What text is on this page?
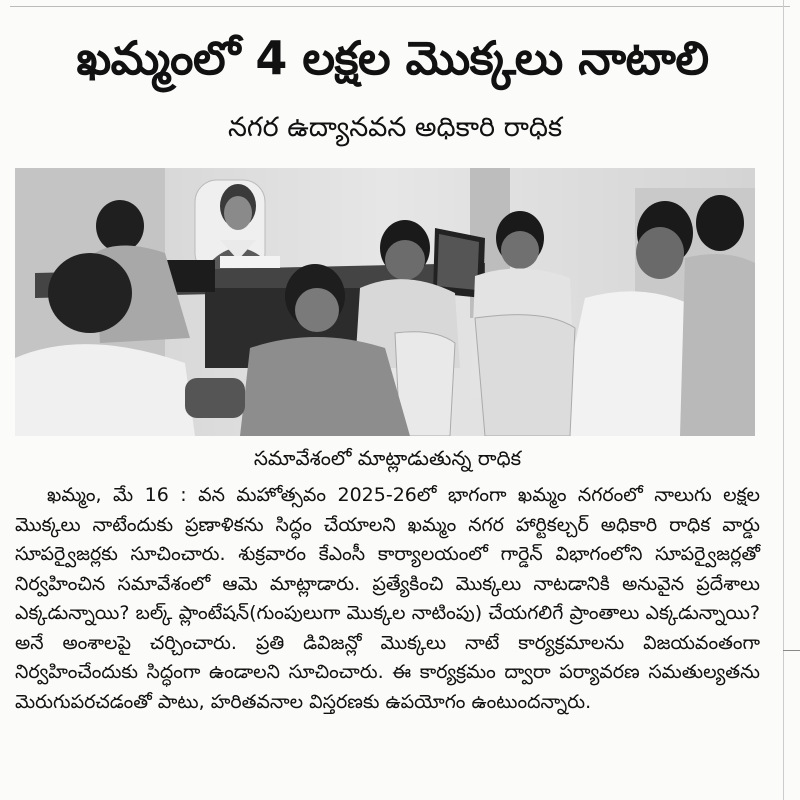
ఖమ్మంలో 4 లక్షల మొక్కలు నాటాలి
నగర ఉద్యానవన అధికారి రాధిక
సమావేశంలో మాట్లాడుతున్న రాధిక

ఖమ్మం, మే 16 : వన మహోత్సవం 2025-26లో భాగంగా ఖమ్మం నగరంలో నాలుగు లక్షల మొక్కలు నాటేందుకు ప్రణాళికను సిద్ధం చేయాలని ఖమ్మం నగర హార్టికల్చర్ అధికారి రాధిక వార్డు సూపర్వైజర్లకు సూచించారు. శుక్రవారం కేఎంసీ కార్యాలయంలో గార్డెన్ విభాగంలోని సూపర్వైజర్లతో నిర్వహించిన సమావేశంలో ఆమె మాట్లాడారు. ప్రత్యేకించి మొక్కలు నాటడానికి అనువైన ప్రదేశాలు ఎక్కడున్నాయి? బల్క్ ప్లాంటేషన్(గుంపులుగా మొక్కల నాటింపు) చేయగలిగే ప్రాంతాలు ఎక్కడున్నాయి? అనే అంశాలపై చర్చించారు. ప్రతి డివిజన్లో మొక్కలు నాటే కార్యక్రమాలను విజయవంతంగా నిర్వహించేందుకు సిద్ధంగా ఉండాలని సూచించారు. ఈ కార్యక్రమం ద్వారా పర్యావరణ సమతుల్యతను మెరుగుపరచడంతో పాటు, హరితవనాల విస్తరణకు ఉపయోగం ఉంటుందన్నారు.
